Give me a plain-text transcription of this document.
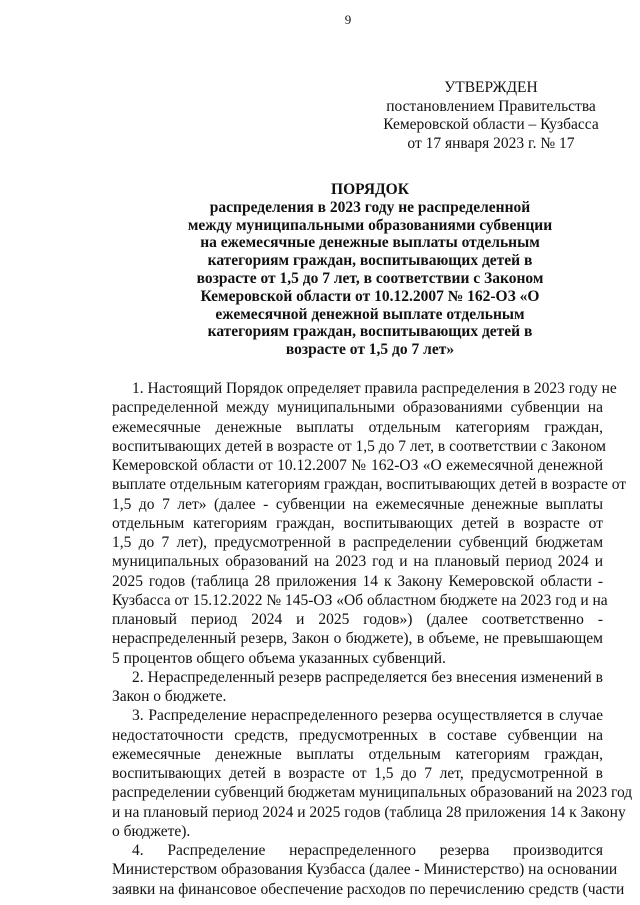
9
УТВЕРЖДЕН
постановлением Правительства
Кемеровской области – Кузбасса
от 17 января 2023 г. № 17
ПОРЯДОК
распределения в 2023 году не распределенной
между муниципальными образованиями субвенции
на ежемесячные денежные выплаты отдельным
категориям граждан, воспитывающих детей в
возрасте от 1,5 до 7 лет, в соответствии с Законом
Кемеровской области от 10.12.2007 № 162-ОЗ «О
ежемесячной денежной выплате отдельным
категориям граждан, воспитывающих детей в
возрасте от 1,5 до 7 лет»
1. Настоящий Порядок определяет правила распределения в 2023 году не
распределенной между муниципальными образованиями субвенции на
ежемесячные денежные выплаты отдельным категориям граждан,
воспитывающих детей в возрасте от 1,5 до 7 лет, в соответствии с Законом
Кемеровской области от 10.12.2007 № 162-ОЗ «О ежемесячной денежной
выплате отдельным категориям граждан, воспитывающих детей в возрасте от
1,5 до 7 лет» (далее - субвенции на ежемесячные денежные выплаты
отдельным категориям граждан, воспитывающих детей в возрасте от
1,5 до 7 лет), предусмотренной в распределении субвенций бюджетам
муниципальных образований на 2023 год и на плановый период 2024 и
2025 годов (таблица 28 приложения 14 к Закону Кемеровской области -
Кузбасса от 15.12.2022 № 145-ОЗ «Об областном бюджете на 2023 год и на
плановый период 2024 и 2025 годов») (далее соответственно -
нераспределенный резерв, Закон о бюджете), в объеме, не превышающем
5 процентов общего объема указанных субвенций.
2. Нераспределенный резерв распределяется без внесения изменений в
Закон о бюджете.
3. Распределение нераспределенного резерва осуществляется в случае
недостаточности средств, предусмотренных в составе субвенции на
ежемесячные денежные выплаты отдельным категориям граждан,
воспитывающих детей в возрасте от 1,5 до 7 лет, предусмотренной в
распределении субвенций бюджетам муниципальных образований на 2023 год
и на плановый период 2024 и 2025 годов (таблица 28 приложения 14 к Закону
о бюджете).
4. Распределение нераспределенного резерва производится
Министерством образования Кузбасса (далее - Министерство) на основании
заявки на финансовое обеспечение расходов по перечислению средств (части
